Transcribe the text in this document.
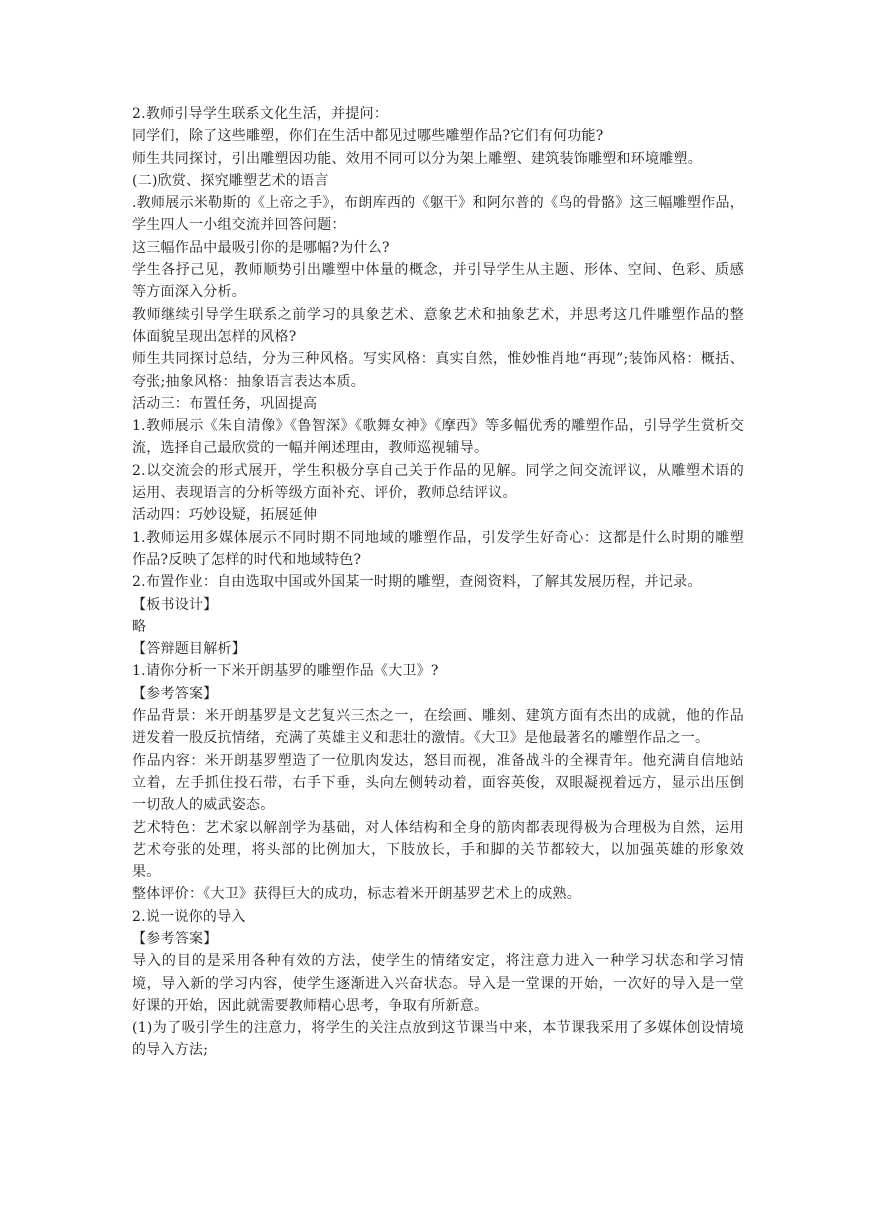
2.教师引导学生联系文化生活，并提问：

同学们，除了这些雕塑，你们在生活中都见过哪些雕塑作品?它们有何功能?

师生共同探讨，引出雕塑因功能、效用不同可以分为架上雕塑、建筑装饰雕塑和环境雕塑。

(二)欣赏、探究雕塑艺术的语言

.教师展示米勒斯的《上帝之手》，布朗库西的《躯干》和阿尔普的《鸟的骨骼》这三幅雕塑作品，学生四人一小组交流并回答问题：

这三幅作品中最吸引你的是哪幅?为什么?

学生各抒己见，教师顺势引出雕塑中体量的概念，并引导学生从主题、形体、空间、色彩、质感等方面深入分析。

教师继续引导学生联系之前学习的具象艺术、意象艺术和抽象艺术，并思考这几件雕塑作品的整体面貌呈现出怎样的风格?

师生共同探讨总结，分为三种风格。写实风格：真实自然，惟妙惟肖地“再现”;装饰风格：概括、夸张;抽象风格：抽象语言表达本质。

活动三：布置任务，巩固提高

1.教师展示《朱自清像》《鲁智深》《歌舞女神》《摩西》等多幅优秀的雕塑作品，引导学生赏析交流，选择自己最欣赏的一幅并阐述理由，教师巡视辅导。

2.以交流会的形式展开，学生积极分享自己关于作品的见解。同学之间交流评议，从雕塑术语的运用、表现语言的分析等级方面补充、评价，教师总结评议。

活动四：巧妙设疑，拓展延伸

1.教师运用多媒体展示不同时期不同地域的雕塑作品，引发学生好奇心：这都是什么时期的雕塑作品?反映了怎样的时代和地域特色?

2.布置作业：自由选取中国或外国某一时期的雕塑，查阅资料，了解其发展历程，并记录。

【板书设计】

略

【答辩题目解析】

1.请你分析一下米开朗基罗的雕塑作品《大卫》?

【参考答案】

作品背景：米开朗基罗是文艺复兴三杰之一，在绘画、雕刻、建筑方面有杰出的成就，他的作品迸发着一股反抗情绪，充满了英雄主义和悲壮的激情。《大卫》是他最著名的雕塑作品之一。

作品内容：米开朗基罗塑造了一位肌肉发达，怒目而视，准备战斗的全裸青年。他充满自信地站立着，左手抓住投石带，右手下垂，头向左侧转动着，面容英俊，双眼凝视着远方，显示出压倒一切敌人的威武姿态。

艺术特色：艺术家以解剖学为基础，对人体结构和全身的筋肉都表现得极为合理极为自然，运用艺术夸张的处理，将头部的比例加大，下肢放长，手和脚的关节都较大，以加强英雄的形象效果。

整体评价：《大卫》获得巨大的成功，标志着米开朗基罗艺术上的成熟。

2.说一说你的导入

【参考答案】

导入的目的是采用各种有效的方法，使学生的情绪安定，将注意力进入一种学习状态和学习情境，导入新的学习内容，使学生逐渐进入兴奋状态。导入是一堂课的开始，一次好的导入是一堂好课的开始，因此就需要教师精心思考，争取有所新意。

(1)为了吸引学生的注意力，将学生的关注点放到这节课当中来，本节课我采用了多媒体创设情境的导入方法;
